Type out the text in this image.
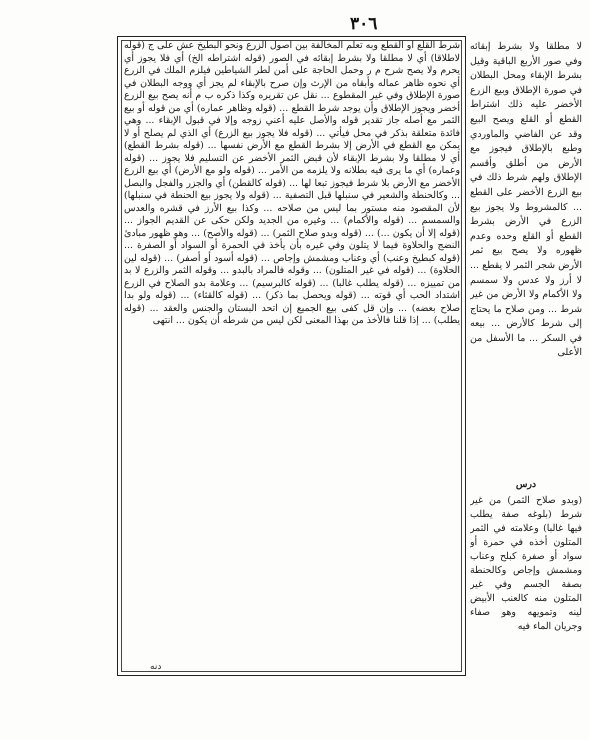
٣٠٦

شرط القلع أو القطع وبه تعلم المخالفة بين أصول الزرع ونحو البطيخ عش على ج (قوله لاطلاقا) أي لا مطلقا ولا بشرط إبقائه في الصور (قوله اشتراطه الخ) أي فلا يجوز أي يحرم ولا يصح شرح م ر وحمل الحاجة على أمن لطر الشياطين فيلزم الملك في الزرع أي نحوه ظاهر عماله وأبقاه من الإرث وإن صرح بالإبقاء لم يجز أي ووجه البطلان في صورة الإطلاق وفي غير المقطوع ... نقل عن تقريره وكذا ذكره ب م أنه يصح بيع الزرع أخضر ويجوز الإطلاق وأن يوجد شرط القطع ... (قوله وظاهر عماره) أي من قوله أو بيع الثمر مع أصله جاز تقدير قوله والأصل عليه أعني زوجه وإلا في قبول الإبقاء ... وهي فائدة متعلقة بذكر في محل فيأتي ... (قوله فلا يجوز بيع الزرع) أي الذي لم يصلح أو لا يمكن مع القطع في الأرض إلا بشرط القطع مع الأرض نفسها ... (قوله بشرط القطع) أي لا مطلقا ولا بشرط الإبقاء لأن قبض الثمر الأخضر عن التسليم فلا يجوز ... (قوله وعماره) أي ما يرى فيه بطلانه ولا يلزمه من الأمر ... (قوله ولو مع الأرض) أي بيع الزرع الأخضر مع الأرض بلا شرط فيجوز تبعا لها ... (قوله كالقطن) أي والجزر والفجل والبصل ... وكالحنطة والشعير في سنبلها قبل التصفية ... (قوله ولا يجوز بيع الحنطة في سنبلها) لأن المقصود منه مستور بما ليس من صلاحه ... وكذا بيع الأرز في قشره والعدس والسمسم ... (قوله والأكمام) ... وغيره من الجديد ولكن حكى عن القديم الجواز ... (قوله إلا أن يكون ...) ... (قوله وبدو صلاح الثمر) ... (قوله والأصح) ... وهو ظهور مبادئ النضج والحلاوة فيما لا يتلون وفي غيره بأن يأخذ في الحمرة أو السواد أو الصفرة ... (قوله كبطيخ وعنب) أي وعناب ومشمش وإجاص ... (قوله أسود أو أصفر) ... (قوله لين الحلاوة) ... (قوله في غير المتلون) ... وقوله فالمراد بالبدو ... وقوله الثمر والزرع لا بد من تمييزه ... (قوله يطلب غالبا) ... (قوله كالبرسيم) ... وعلامة بدو الصلاح في الزرع اشتداد الحب أي قوته ... (قوله ويحصل بما ذكر) ... (قوله كالقثاء) ... (قوله ولو بدا صلاح بعضه) ... وإن قل كفى بيع الجميع إن اتحد البستان والجنس والعقد ... (قوله يطلب) ... إذا قلنا فالأخذ من بهذا المعنى لكن ليس من شرطه أن يكون ... انتهى

لا مطلقا ولا بشرط إبقائه وفي صور الأربع الباقية وقيل بشرط الإبقاء ومحل البطلان في صورة الإطلاق وبيع الزرع الأخضر عليه ذلك اشتراط القطع أو القلع ويصح البيع وقد عن الفاضي والماوردي وطبع بالإطلاق فيجوز مع الأرض من أطلق وأقسم الإطلاق ولهم شرط ذلك في بيع الزرع الأخضر على القطع ... كالمشروط ولا يجوز بيع الزرع في الأرض بشرط القطع أو القلع وحده وعدم ظهوره ولا يصح بيع ثمر الأرض شجر الثمر لا يقطع ... لا أرز ولا عدس ولا سمسم ولا الأكمام ولا الأرض من غير شرط ... ومن صلاح ما يحتاج إلى شرط كالأرض ... بيعه في السكر ... ما الأسفل من الأعلى

درس

(وبدو صلاح الثمر) من غير شرط (بلوغه صفة يطلب فيها غالبا) وعلامته في الثمر المتلون أخذه في حمرة أو سواد أو صفرة كبلح وعناب ومشمش وإجاص وكالحنطة بصفة الجسم وفي غير المتلون منه كالعنب الأبيض لينه وتمويهه وهو صفاء وجريان الماء فيه

دنه
